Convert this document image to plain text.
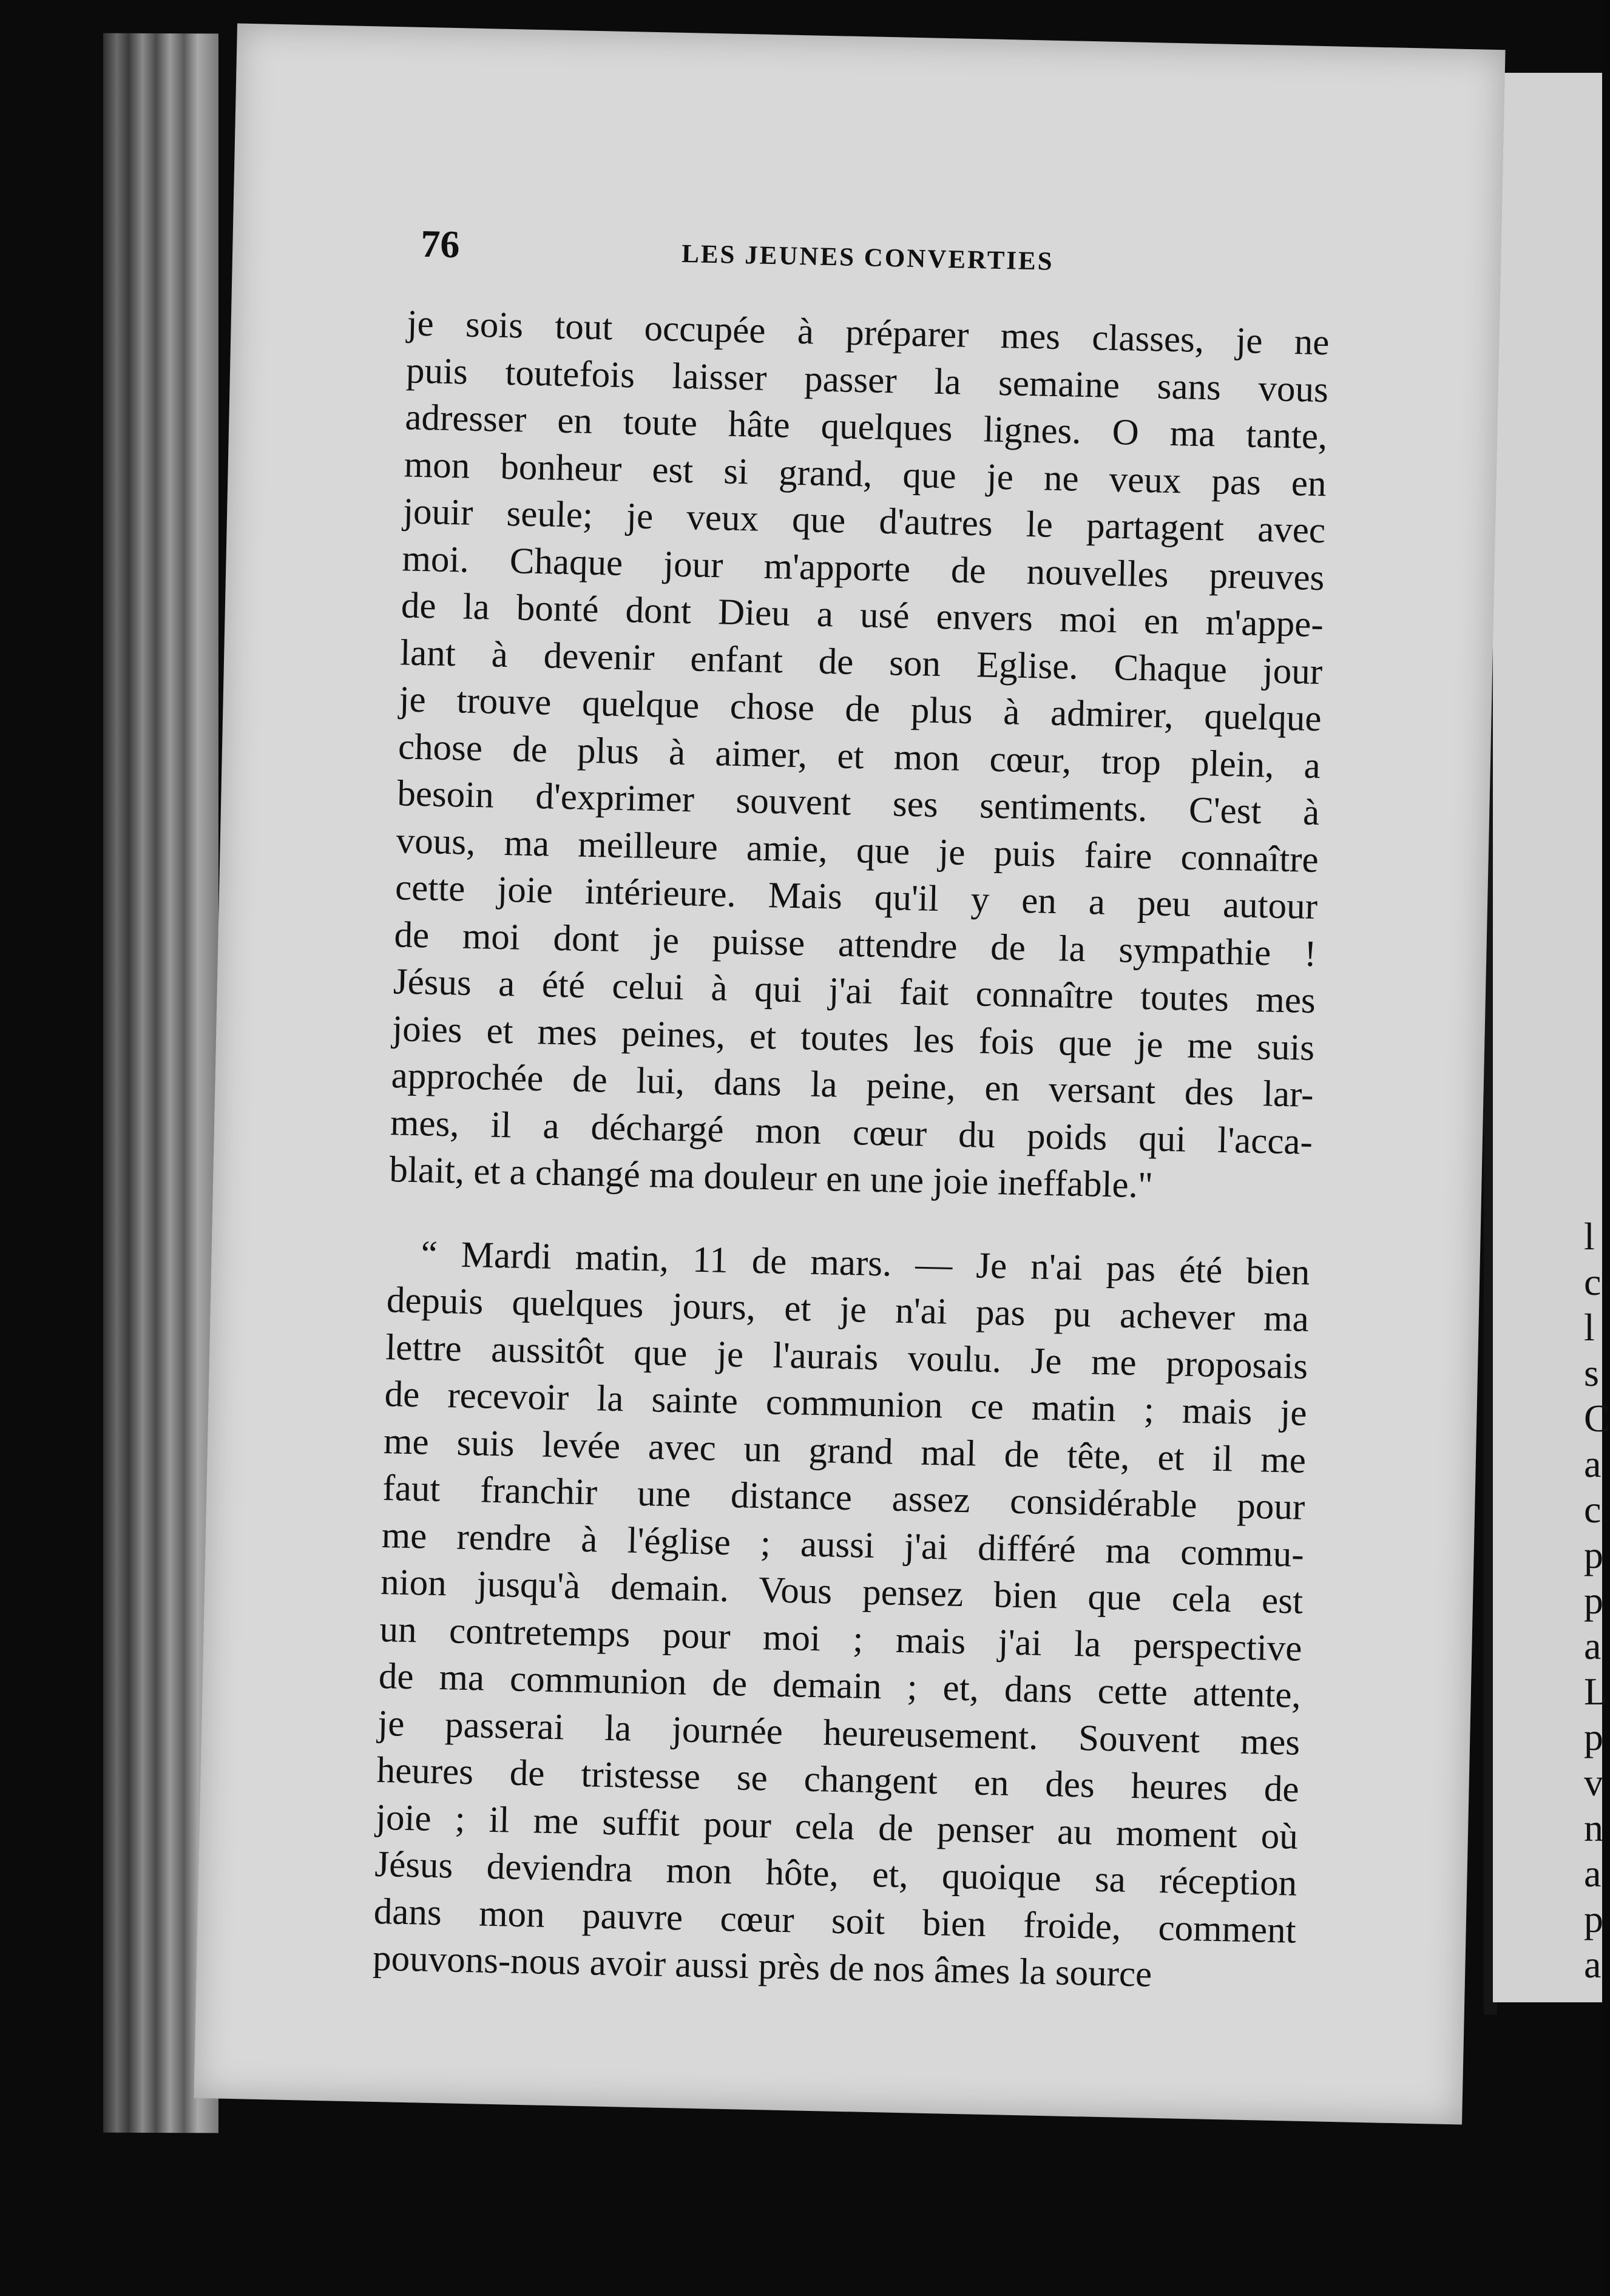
l
c
l
s
C
a
c
p
p
a
L
p
v
n
a
p
a
76	LES JEUNES CONVERTIES
je sois tout occupée à préparer mes classes, je ne
puis toutefois laisser passer la semaine sans vous
adresser en toute hâte quelques lignes. O ma tante,
mon bonheur est si grand, que je ne veux pas en
jouir seule; je veux que d'autres le partagent avec
moi. Chaque jour m'apporte de nouvelles preuves
de la bonté dont Dieu a usé envers moi en m'appe-
lant à devenir enfant de son Eglise. Chaque jour
je trouve quelque chose de plus à admirer, quelque
chose de plus à aimer, et mon cœur, trop plein, a
besoin d'exprimer souvent ses sentiments. C'est à
vous, ma meilleure amie, que je puis faire connaître
cette joie intérieure. Mais qu'il y en a peu autour
de moi dont je puisse attendre de la sympathie !
Jésus a été celui à qui j'ai fait connaître toutes mes
joies et mes peines, et toutes les fois que je me suis
approchée de lui, dans la peine, en versant des lar-
mes, il a déchargé mon cœur du poids qui l'acca-
blait, et a changé ma douleur en une joie ineffable."
“ Mardi matin, 11 de mars. — Je n'ai pas été bien
depuis quelques jours, et je n'ai pas pu achever ma
lettre aussitôt que je l'aurais voulu. Je me proposais
de recevoir la sainte communion ce matin ; mais je
me suis levée avec un grand mal de tête, et il me
faut franchir une distance assez considérable pour
me rendre à l'église ; aussi j'ai différé ma commu-
nion jusqu'à demain. Vous pensez bien que cela est
un contretemps pour moi ; mais j'ai la perspective
de ma communion de demain ; et, dans cette attente,
je passerai la journée heureusement. Souvent mes
heures de tristesse se changent en des heures de
joie ; il me suffit pour cela de penser au moment où
Jésus deviendra mon hôte, et, quoique sa réception
dans mon pauvre cœur soit bien froide, comment
pouvons-nous avoir aussi près de nos âmes la source
